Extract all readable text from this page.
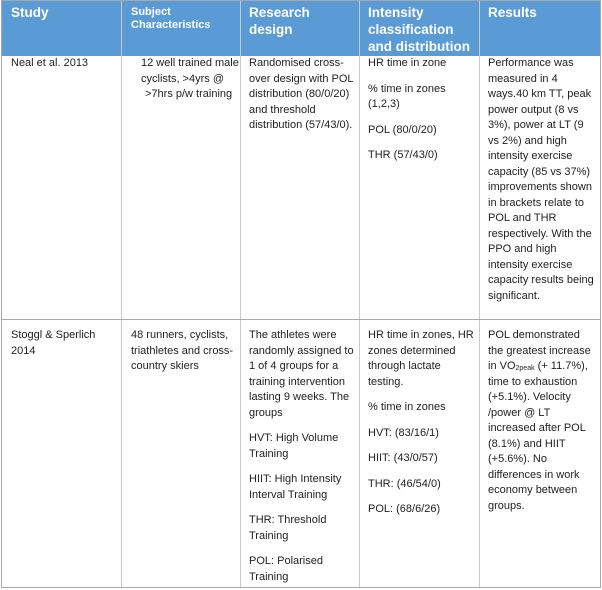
Study	Subject Characteristics
Research design
Intensity classification and distribution
Results
Neal et al. 2013	12 well trained male
cyclists, >4yrs @
>7hrs p/w training
Randomised cross-over design with POL distribution (80/0/20) and threshold distribution (57/43/0).
HR time in zone
% time in zones (1,2,3)
POL (80/0/20)
THR (57/43/0)
Performance was measured in 4 ways.40 km TT, peak power output (8 vs 3%), power at LT (9 vs 2%) and high intensity exercise capacity (85 vs 37%) improvements shown in brackets relate to POL and THR respectively. With the PPO and high intensity exercise capacity results being significant.
Stoggl & Sperlich 2014
48 runners, cyclists, triathletes and cross-country skiers
The athletes were randomly assigned to 1 of 4 groups for a training intervention lasting 9 weeks. The groups
HVT: High Volume Training
HIIT: High Intensity Interval Training
THR: Threshold Training
POL: Polarised Training
HR time in zones, HR zones determined through lactate testing.
% time in zones
HVT: (83/16/1)
HIIT: (43/0/57)
THR: (46/54/0)
POL: (68/6/26)
POL demonstrated the greatest increase in $VO_{2peak}$ (+ 11.7%), time to exhaustion (+5.1%). Velocity /power @ LT increased after POL (8.1%) and HIIT (+5.6%). No differences in work economy between groups.
